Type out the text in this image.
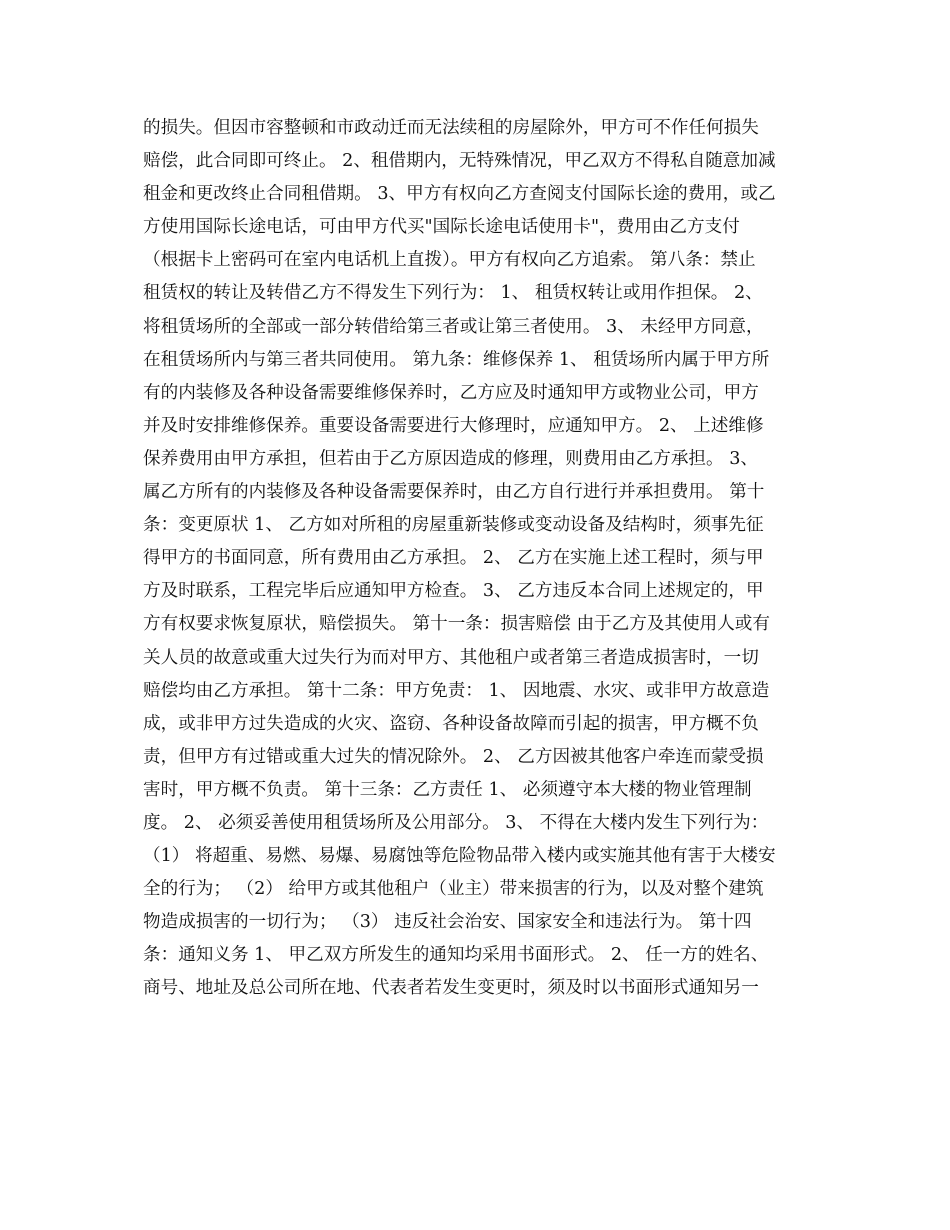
的损失。但因市容整顿和市政动迁而无法续租的房屋除外，甲方可不作任何损失
赔偿，此合同即可终止。 2、租借期内，无特殊情况，甲乙双方不得私自随意加减
租金和更改终止合同租借期。 3、甲方有权向乙方查阅支付国际长途的费用，或乙
方使用国际长途电话，可由甲方代买"国际长途电话使用卡"，费用由乙方支付
（根据卡上密码可在室内电话机上直拨）。甲方有权向乙方追索。 第八条：禁止
租赁权的转让及转借乙方不得发生下列行为： 1、 租赁权转让或用作担保。 2、
将租赁场所的全部或一部分转借给第三者或让第三者使用。 3、 未经甲方同意，
在租赁场所内与第三者共同使用。 第九条：维修保养 1、 租赁场所内属于甲方所
有的内装修及各种设备需要维修保养时，乙方应及时通知甲方或物业公司，甲方
并及时安排维修保养。重要设备需要进行大修理时，应通知甲方。 2、 上述维修
保养费用由甲方承担，但若由于乙方原因造成的修理，则费用由乙方承担。 3、
属乙方所有的内装修及各种设备需要保养时，由乙方自行进行并承担费用。 第十
条：变更原状 1、 乙方如对所租的房屋重新装修或变动设备及结构时，须事先征
得甲方的书面同意，所有费用由乙方承担。 2、 乙方在实施上述工程时，须与甲
方及时联系，工程完毕后应通知甲方检查。 3、 乙方违反本合同上述规定的，甲
方有权要求恢复原状，赔偿损失。 第十一条：损害赔偿 由于乙方及其使用人或有
关人员的故意或重大过失行为而对甲方、其他租户或者第三者造成损害时，一切
赔偿均由乙方承担。 第十二条：甲方免责： 1、 因地震、水灾、或非甲方故意造
成，或非甲方过失造成的火灾、盗窃、各种设备故障而引起的损害，甲方概不负
责，但甲方有过错或重大过失的情况除外。 2、 乙方因被其他客户牵连而蒙受损
害时，甲方概不负责。 第十三条：乙方责任 1、 必须遵守本大楼的物业管理制
度。 2、 必须妥善使用租赁场所及公用部分。 3、 不得在大楼内发生下列行为：
（1） 将超重、易燃、易爆、易腐蚀等危险物品带入楼内或实施其他有害于大楼安
全的行为； （2） 给甲方或其他租户（业主）带来损害的行为，以及对整个建筑
物造成损害的一切行为； （3） 违反社会治安、国家安全和违法行为。 第十四
条：通知义务 1、 甲乙双方所发生的通知均采用书面形式。 2、 任一方的姓名、
商号、地址及总公司所在地、代表者若发生变更时，须及时以书面形式通知另一
